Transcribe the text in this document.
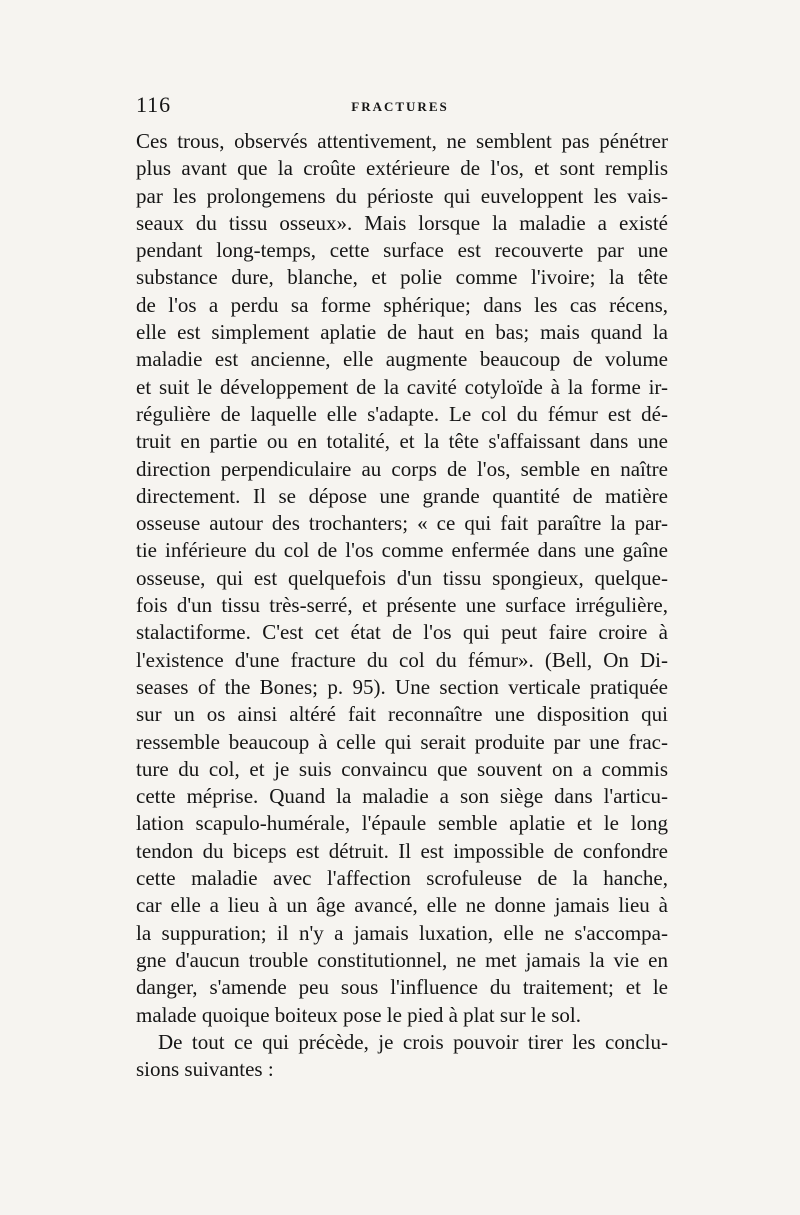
116	FRACTURES
Ces trous, observés attentivement, ne semblent pas pénétrer
plus avant que la croûte extérieure de l'os, et sont remplis
par les prolongemens du périoste qui euveloppent les vais-
seaux du tissu osseux». Mais lorsque la maladie a existé
pendant long-temps, cette surface est recouverte par une
substance dure, blanche, et polie comme l'ivoire; la tête
de l'os a perdu sa forme sphérique; dans les cas récens,
elle est simplement aplatie de haut en bas; mais quand la
maladie est ancienne, elle augmente beaucoup de volume
et suit le développement de la cavité cotyloïde à la forme ir-
régulière de laquelle elle s'adapte. Le col du fémur est dé-
truit en partie ou en totalité, et la tête s'affaissant dans une
direction perpendiculaire au corps de l'os, semble en naître
directement. Il se dépose une grande quantité de matière
osseuse autour des trochanters; « ce qui fait paraître la par-
tie inférieure du col de l'os comme enfermée dans une gaîne
osseuse, qui est quelquefois d'un tissu spongieux, quelque-
fois d'un tissu très-serré, et présente une surface irrégulière,
stalactiforme. C'est cet état de l'os qui peut faire croire à
l'existence d'une fracture du col du fémur». (Bell, On Di-
seases of the Bones; p. 95). Une section verticale pratiquée
sur un os ainsi altéré fait reconnaître une disposition qui
ressemble beaucoup à celle qui serait produite par une frac-
ture du col, et je suis convaincu que souvent on a commis
cette méprise. Quand la maladie a son siège dans l'articu-
lation scapulo-humérale, l'épaule semble aplatie et le long
tendon du biceps est détruit. Il est impossible de confondre
cette maladie avec l'affection scrofuleuse de la hanche,
car elle a lieu à un âge avancé, elle ne donne jamais lieu à
la suppuration; il n'y a jamais luxation, elle ne s'accompa-
gne d'aucun trouble constitutionnel, ne met jamais la vie en
danger, s'amende peu sous l'influence du traitement; et le
malade quoique boiteux pose le pied à plat sur le sol.
De tout ce qui précède, je crois pouvoir tirer les conclu-
sions suivantes :
